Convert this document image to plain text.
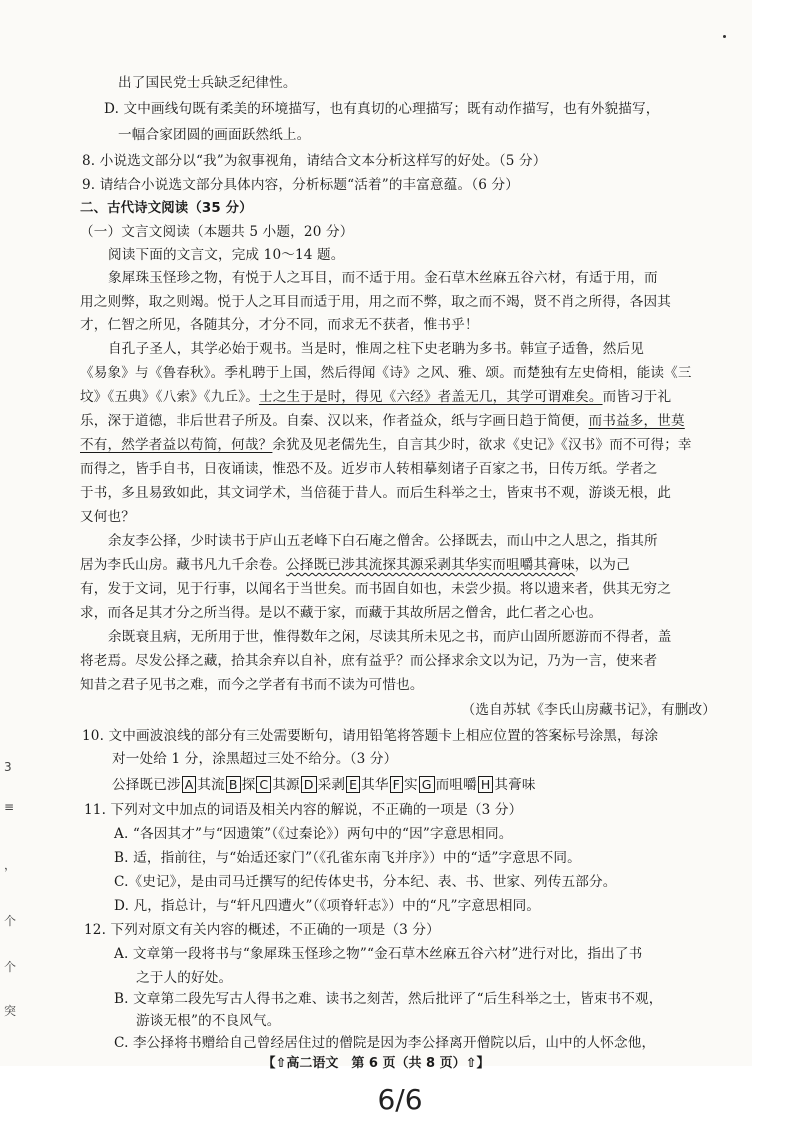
出了国民党士兵缺乏纪律性。
D. 文中画线句既有柔美的环境描写，也有真切的心理描写；既有动作描写，也有外貌描写，
一幅合家团圆的画面跃然纸上。
8. 小说选文部分以“我”为叙事视角，请结合文本分析这样写的好处。（5 分）
9. 请结合小说选文部分具体内容，分析标题“活着”的丰富意蕴。（6 分）
二、古代诗文阅读（35 分）
（一）文言文阅读（本题共 5 小题，20 分）
阅读下面的文言文，完成 10～14 题。
象犀珠玉怪珍之物，有悦于人之耳目，而不适于用。金石草木丝麻五谷六材，有适于用，而
用之则弊，取之则竭。悦于人之耳目而适于用，用之而不弊，取之而不竭，贤不肖之所得，各因其
才，仁智之所见，各随其分，才分不同，而求无不获者，惟书乎！
自孔子圣人，其学必始于观书。当是时，惟周之柱下史老聃为多书。韩宣子适鲁，然后见
《易象》与《鲁春秋》。季札聘于上国，然后得闻《诗》之风、雅、颂。而楚独有左史倚相，能读《三
坟》《五典》《八索》《九丘》。士之生于是时，得见《六经》者盖无几，其学可谓难矣。而皆习于礼
乐，深于道德，非后世君子所及。自秦、汉以来，作者益众，纸与字画日趋于简便，而书益多，世莫
不有，然学者益以苟简，何哉？余犹及见老儒先生，自言其少时，欲求《史记》《汉书》而不可得；幸
而得之，皆手自书，日夜诵读，惟恐不及。近岁市人转相摹刻诸子百家之书，日传万纸。学者之
于书，多且易致如此，其文词学术，当倍蓰于昔人。而后生科举之士，皆束书不观，游谈无根，此
又何也？
余友李公择，少时读书于庐山五老峰下白石庵之僧舍。公择既去，而山中之人思之，指其所
居为李氏山房。藏书凡九千余卷。公择既已涉其流探其源采剥其华实而咀嚼其膏味，以为己
有，发于文词，见于行事，以闻名于当世矣。而书固自如也，未尝少损。将以遗来者，供其无穷之
求，而各足其才分之所当得。是以不藏于家，而藏于其故所居之僧舍，此仁者之心也。
余既衰且病，无所用于世，惟得数年之闲，尽读其所未见之书，而庐山固所愿游而不得者，盖
将老焉。尽发公择之藏，拾其余弃以自补，庶有益乎？而公择求余文以为记，乃为一言，使来者
知昔之君子见书之难，而今之学者有书而不读为可惜也。
（选自苏轼《李氏山房藏书记》，有删改）
10. 文中画波浪线的部分有三处需要断句，请用铅笔将答题卡上相应位置的答案标号涂黑，每涂
对一处给 1 分，涂黑超过三处不给分。（3 分）
公择既已涉 A 其流 B 探 C 其源 D 采剥 E 其华 F 实 G 而咀嚼 H 其膏味
11. 下列对文中加点的词语及相关内容的解说，不正确的一项是（3 分）
A. “各因其才”与“因遗策”（《过秦论》）两句中的“因”字意思相同。
B. 适，指前往，与“始适还家门”（《孔雀东南飞并序》）中的“适”字意思不同。
C.《史记》，是由司马迁撰写的纪传体史书，分本纪、表、书、世家、列传五部分。
D. 凡，指总计，与“轩凡四遭火”（《项脊轩志》）中的“凡”字意思相同。
12. 下列对原文有关内容的概述，不正确的一项是（3 分）
A. 文章第一段将书与“象犀珠玉怪珍之物”“金石草木丝麻五谷六材”进行对比，指出了书
之于人的好处。
B. 文章第二段先写古人得书之难、读书之刻苦，然后批评了“后生科举之士，皆束书不观，
游谈无根”的不良风气。
C. 李公择将书赠给自己曾经居住过的僧院是因为李公择离开僧院以后，山中的人怀念他，
3
≡
，
个
个
突
【⇧高二语文　第 6 页（共 8 页）⇧】
6/6
